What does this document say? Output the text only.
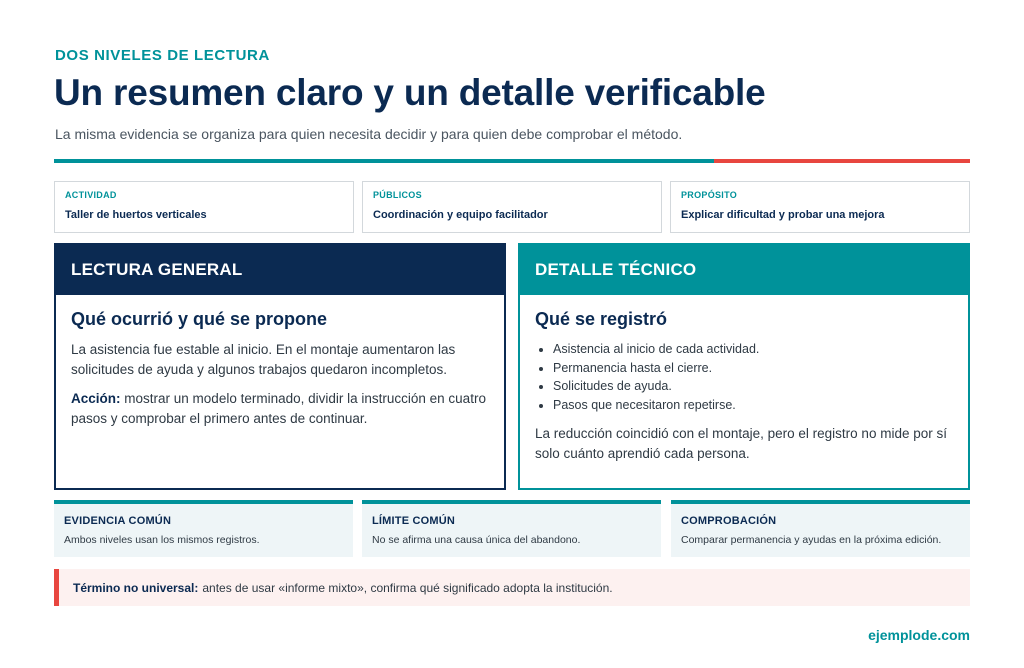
DOS NIVELES DE LECTURA
Un resumen claro y un detalle verificable
La misma evidencia se organiza para quien necesita decidir y para quien debe comprobar el método.
ACTIVIDAD
Taller de huertos verticales
PÚBLICOS
Coordinación y equipo facilitador
PROPÓSITO
Explicar dificultad y probar una mejora
LECTURA GENERAL
Qué ocurrió y qué se propone

La asistencia fue estable al inicio. En el montaje aumentaron las solicitudes de ayuda y algunos trabajos quedaron incompletos.

Acción: mostrar un modelo terminado, dividir la instrucción en cuatro pasos y comprobar el primero antes de continuar.

DETALLE TÉCNICO
Qué se registró
Asistencia al inicio de cada actividad.
Permanencia hasta el cierre.
Solicitudes de ayuda.
Pasos que necesitaron repetirse.

La reducción coincidió con el montaje, pero el registro no mide por sí solo cuánto aprendió cada persona.

EVIDENCIA COMÚN
Ambos niveles usan los mismos registros.
LÍMITE COMÚN
No se afirma una causa única del abandono.
COMPROBACIÓN
Comparar permanencia y ayudas en la próxima edición.
Término no universal: antes de usar «informe mixto», confirma qué significado adopta la institución.
ejemplode.com
